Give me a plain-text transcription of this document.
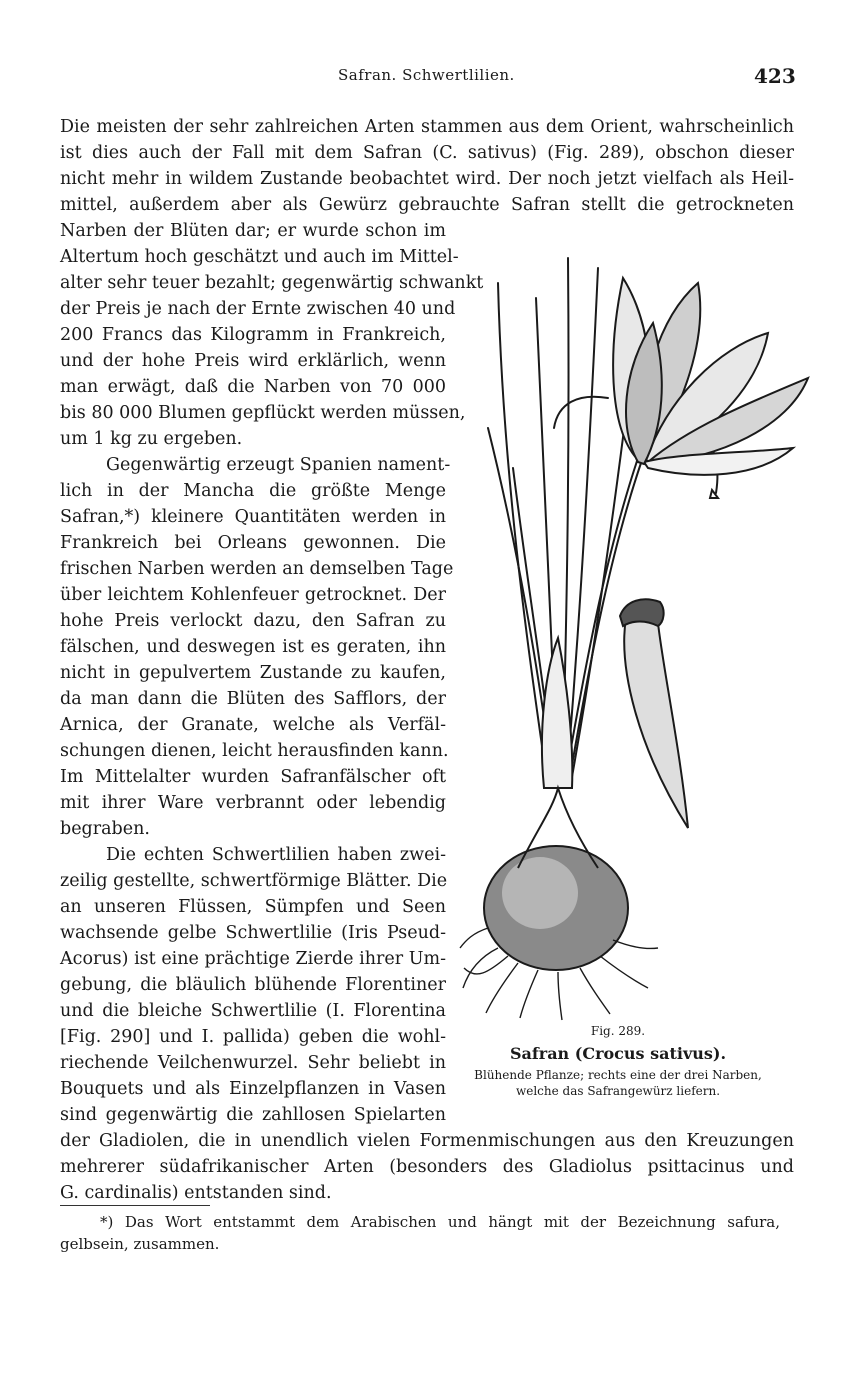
Safran. Schwertlilien.	423
Die meisten der sehr zahlreichen Arten stammen aus dem Orient, wahrscheinlich
ist dies auch der Fall mit dem Safran (C. sativus) (Fig. 289), obschon dieser
nicht mehr in wildem Zustande beobachtet wird. Der noch jetzt vielfach als Heil-
mittel, außerdem aber als Gewürz gebrauchte Safran stellt die getrockneten
Narben der Blüten dar; er wurde schon im
Altertum hoch geschätzt und auch im Mittel-
alter sehr teuer bezahlt; gegenwärtig schwankt
der Preis je nach der Ernte zwischen 40 und
200 Francs das Kilogramm in Frankreich,
und der hohe Preis wird erklärlich, wenn
man erwägt, daß die Narben von 70 000
bis 80 000 Blumen gepflückt werden müssen,
um 1 kg zu ergeben.
Gegenwärtig erzeugt Spanien nament-
lich in der Mancha die größte Menge
Safran,*) kleinere Quantitäten werden in
Frankreich bei Orleans gewonnen. Die
frischen Narben werden an demselben Tage
über leichtem Kohlenfeuer getrocknet. Der
hohe Preis verlockt dazu, den Safran zu
fälschen, und deswegen ist es geraten, ihn
nicht in gepulvertem Zustande zu kaufen,
da man dann die Blüten des Safflors, der
Arnica, der Granate, welche als Verfäl-
schungen dienen, leicht herausfinden kann.
Im Mittelalter wurden Safranfälscher oft
mit ihrer Ware verbrannt oder lebendig
begraben.
Die echten Schwertlilien haben zwei-
zeilig gestellte, schwertförmige Blätter. Die
an unseren Flüssen, Sümpfen und Seen
wachsende gelbe Schwertlilie (Iris Pseud-
Acorus) ist eine prächtige Zierde ihrer Um-
gebung, die bläulich blühende Florentiner
und die bleiche Schwertlilie (I. Florentina
[Fig. 290] und I. pallida) geben die wohl-
riechende Veilchenwurzel. Sehr beliebt in
Bouquets und als Einzelpflanzen in Vasen
sind gegenwärtig die zahllosen Spielarten
der Gladiolen, die in unendlich vielen Formenmischungen aus den Kreuzungen
mehrerer südafrikanischer Arten (besonders des Gladiolus psittacinus und
G. cardinalis) entstanden sind.
Fig. 289.
Safran (Crocus sativus).
Blühende Pflanze; rechts eine der drei Narben,
welche das Safrangewürz liefern.
*) Das Wort entstammt dem Arabischen und hängt mit der Bezeichnung safura,
gelbsein, zusammen.
